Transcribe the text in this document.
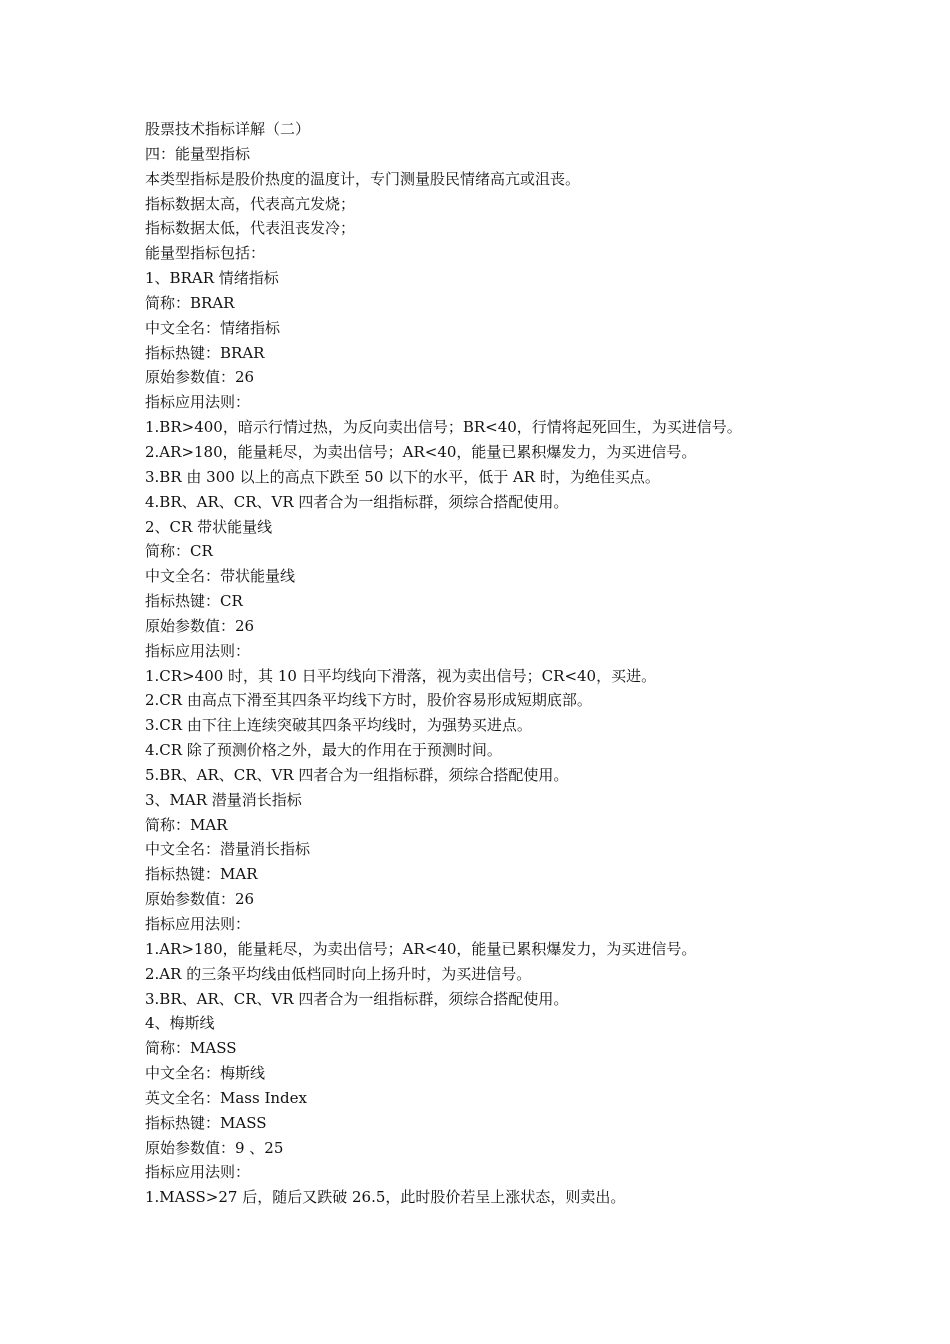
股票技术指标详解（二）

四：能量型指标

本类型指标是股价热度的温度计，专门测量股民情绪高亢或沮丧。

指标数据太高，代表高亢发烧；

指标数据太低，代表沮丧发冷；

能量型指标包括：

1、BRAR 情绪指标

简称：BRAR

中文全名：情绪指标

指标热键：BRAR

原始参数值：26

指标应用法则：

1.BR>400，暗示行情过热，为反向卖出信号；BR<40，行情将起死回生，为买进信号。

2.AR>180，能量耗尽，为卖出信号；AR<40，能量已累积爆发力，为买进信号。

3.BR 由 300 以上的高点下跌至 50 以下的水平，低于 AR 时，为绝佳买点。

4.BR、AR、CR、VR 四者合为一组指标群，须综合搭配使用。

2、CR 带状能量线

简称：CR

中文全名：带状能量线

指标热键：CR

原始参数值：26

指标应用法则：

1.CR>400 时，其 10 日平均线向下滑落，视为卖出信号；CR<40，买进。

2.CR 由高点下滑至其四条平均线下方时，股价容易形成短期底部。

3.CR 由下往上连续突破其四条平均线时，为强势买进点。

4.CR 除了预测价格之外，最大的作用在于预测时间。

5.BR、AR、CR、VR 四者合为一组指标群，须综合搭配使用。

3、MAR 潜量消长指标

简称：MAR

中文全名：潜量消长指标

指标热键：MAR

原始参数值：26

指标应用法则：

1.AR>180，能量耗尽，为卖出信号；AR<40，能量已累积爆发力，为买进信号。

2.AR 的三条平均线由低档同时向上扬升时，为买进信号。

3.BR、AR、CR、VR 四者合为一组指标群，须综合搭配使用。

4、梅斯线

简称：MASS

中文全名：梅斯线

英文全名：Mass Index

指标热键：MASS

原始参数值：9 、25

指标应用法则：

1.MASS>27 后，随后又跌破 26.5，此时股价若呈上涨状态，则卖出。
